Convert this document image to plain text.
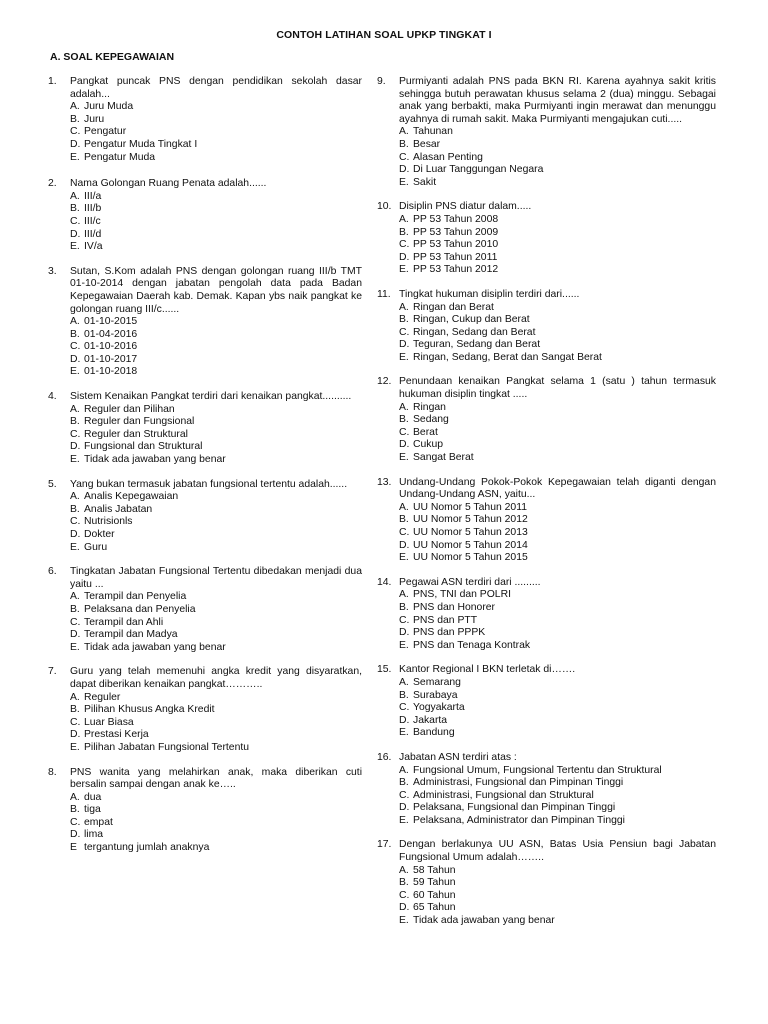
CONTOH LATIHAN SOAL UPKP TINGKAT I
A. SOAL KEPEGAWAIAN
1.	Pangkat puncak PNS dengan pendidikan sekolah dasar adalah...
A. Juru Muda
B. Juru
C. Pengatur
D. Pengatur Muda Tingkat I
E. Pengatur Muda
2.	Nama Golongan Ruang Penata adalah......
A. III/a
B. III/b
C. III/c
D. III/d
E. IV/a
3.	Sutan, S.Kom adalah PNS dengan golongan ruang III/b TMT 01-10-2014 dengan jabatan pengolah data pada Badan Kepegawaian Daerah kab. Demak. Kapan ybs naik pangkat ke golongan ruang III/c......
A. 01-10-2015
B. 01-04-2016
C. 01-10-2016
D. 01-10-2017
E. 01-10-2018
4.	Sistem Kenaikan Pangkat terdiri dari kenaikan pangkat..........
A. Reguler dan Pilihan
B. Reguler dan Fungsional
C. Reguler dan Struktural
D. Fungsional dan Struktural
E. Tidak ada jawaban yang benar
5.	Yang bukan termasuk jabatan fungsional tertentu adalah......
A. Analis Kepegawaian
B. Analis Jabatan
C. Nutrisionls
D. Dokter
E. Guru
6.	Tingkatan Jabatan Fungsional Tertentu dibedakan menjadi dua yaitu ...
A. Terampil dan Penyelia
B. Pelaksana dan Penyelia
C. Terampil dan Ahli
D. Terampil dan Madya
E. Tidak ada jawaban yang benar
7.	Guru yang telah memenuhi angka kredit yang disyaratkan, dapat diberikan kenaikan pangkat………..
A. Reguler
B. Pilihan Khusus Angka Kredit
C. Luar Biasa
D. Prestasi Kerja
E. Pilihan Jabatan Fungsional Tertentu
8.	PNS wanita yang melahirkan anak, maka diberikan cuti bersalin sampai dengan anak ke…..
A. dua
B. tiga
C. empat
D. lima
E tergantung jumlah anaknya
9.	Purmiyanti adalah PNS pada BKN RI. Karena ayahnya sakit kritis sehingga butuh perawatan khusus selama 2 (dua) minggu. Sebagai anak yang berbakti, maka Purmiyanti ingin merawat dan menunggu ayahnya di rumah sakit. Maka Purmiyanti mengajukan cuti.....
A. Tahunan
B. Besar
C. Alasan Penting
D. Di Luar Tanggungan Negara
E. Sakit
10. Disiplin PNS diatur dalam.....
A. PP 53 Tahun 2008
B. PP 53 Tahun 2009
C. PP 53 Tahun 2010
D. PP 53 Tahun 2011
E. PP 53 Tahun 2012
11. Tingkat hukuman disiplin terdiri dari......
A. Ringan dan Berat
B. Ringan, Cukup dan Berat
C. Ringan, Sedang dan Berat
D. Teguran, Sedang dan Berat
E. Ringan, Sedang, Berat dan Sangat Berat
12. Penundaan kenaikan Pangkat selama 1 (satu ) tahun termasuk hukuman disiplin tingkat .....
A. Ringan
B. Sedang
C. Berat
D. Cukup
E. Sangat Berat
13. Undang-Undang Pokok-Pokok Kepegawaian telah diganti dengan Undang-Undang ASN, yaitu...
A. UU Nomor 5 Tahun 2011
B. UU Nomor 5 Tahun 2012
C. UU Nomor 5 Tahun 2013
D. UU Nomor 5 Tahun 2014
E. UU Nomor 5 Tahun 2015
14. Pegawai ASN terdiri dari .........
A. PNS, TNI dan POLRI
B. PNS dan Honorer
C. PNS dan PTT
D. PNS dan PPPK
E. PNS dan Tenaga Kontrak
15. Kantor Regional I BKN terletak di…….
A. Semarang
B. Surabaya
C. Yogyakarta
D. Jakarta
E. Bandung
16. Jabatan ASN terdiri atas :
A. Fungsional Umum, Fungsional Tertentu dan Struktural
B. Administrasi, Fungsional dan Pimpinan Tinggi
C. Administrasi, Fungsional dan Struktural
D. Pelaksana, Fungsional dan Pimpinan Tinggi
E. Pelaksana, Administrator dan Pimpinan Tinggi
17. Dengan berlakunya UU ASN, Batas Usia Pensiun bagi Jabatan Fungsional Umum adalah……..
A. 58 Tahun
B. 59 Tahun
C. 60 Tahun
D. 65 Tahun
E. Tidak ada jawaban yang benar
